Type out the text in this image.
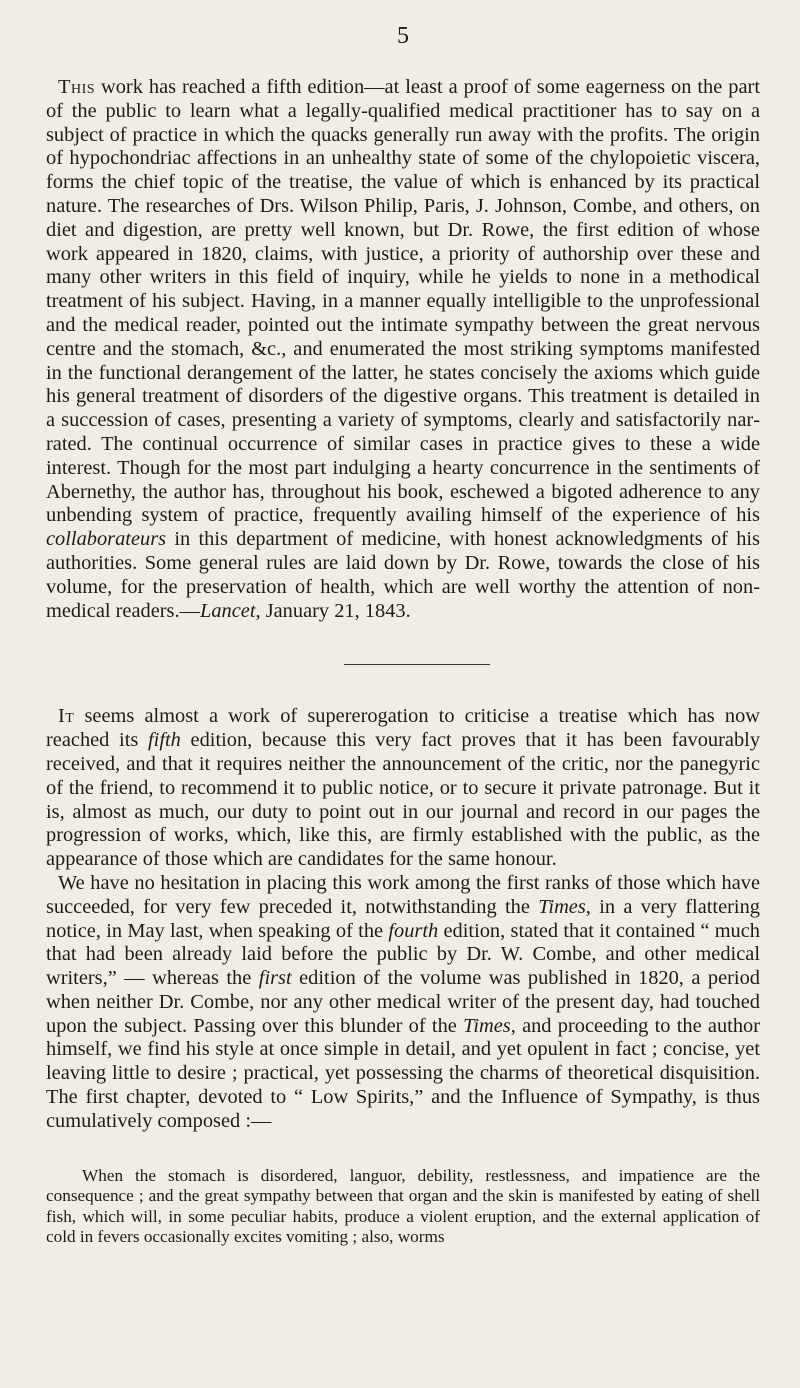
5

This work has reached a fifth edition—at least a proof of some eagerness on the part of the public to learn what a legally-qualified medical practitioner has to say on a subject of practice in which the quacks generally run away with the profits. The origin of hypochondriac affections in an unhealthy state of some of the chylopoietic viscera, forms the chief topic of the treatise, the value of which is enhanced by its practical nature. The researches of Drs. Wilson Philip, Paris, J. Johnson, Combe, and others, on diet and digestion, are pretty well known, but Dr. Rowe, the first edition of whose work appeared in 1820, claims, with justice, a priority of authorship over these and many other writers in this field of inquiry, while he yields to none in a methodical treatment of his subject. Having, in a manner equally intelligible to the unprofessional and the medical reader, pointed out the intimate sympathy between the great nervous centre and the stomach, &c., and enumerated the most striking symptoms manifested in the functional derangement of the latter, he states concisely the axioms which guide his general treatment of disorders of the digestive organs. This treatment is detailed in a succession of cases, presenting a variety of symptoms, clearly and satisfactorily narrated. The continual occurrence of similar cases in practice gives to these a wide interest. Though for the most part indulging a hearty concurrence in the sentiments of Abernethy, the author has, throughout his book, eschewed a bigoted adherence to any unbending system of practice, frequently availing himself of the experience of his collaborateurs in this department of medicine, with honest acknowledgments of his authorities. Some general rules are laid down by Dr. Rowe, towards the close of his volume, for the preservation of health, which are well worthy the attention of non-medical readers.—Lancet, January 21, 1843.

It seems almost a work of supererogation to criticise a treatise which has now reached its fifth edition, because this very fact proves that it has been favourably received, and that it requires neither the announcement of the critic, nor the panegyric of the friend, to recommend it to public notice, or to secure it private patronage. But it is, almost as much, our duty to point out in our journal and record in our pages the progression of works, which, like this, are firmly established with the public, as the appearance of those which are candidates for the same honour.

We have no hesitation in placing this work among the first ranks of those which have succeeded, for very few preceded it, notwithstanding the Times, in a very flattering notice, in May last, when speaking of the fourth edition, stated that it contained “ much that had been already laid before the public by Dr. W. Combe, and other medical writers,” — whereas the first edition of the volume was published in 1820, a period when neither Dr. Combe, nor any other medical writer of the present day, had touched upon the subject. Passing over this blunder of the Times, and proceeding to the author himself, we find his style at once simple in detail, and yet opulent in fact ; concise, yet leaving little to desire ; practical, yet possessing the charms of theoretical disquisition. The first chapter, devoted to “ Low Spirits,” and the Influence of Sympathy, is thus cumulatively composed :—

When the stomach is disordered, languor, debility, restlessness, and impatience are the consequence ; and the great sympathy between that organ and the skin is manifested by eating of shell fish, which will, in some peculiar habits, produce a violent eruption, and the external application of cold in fevers occasionally excites vomiting ; also, worms
